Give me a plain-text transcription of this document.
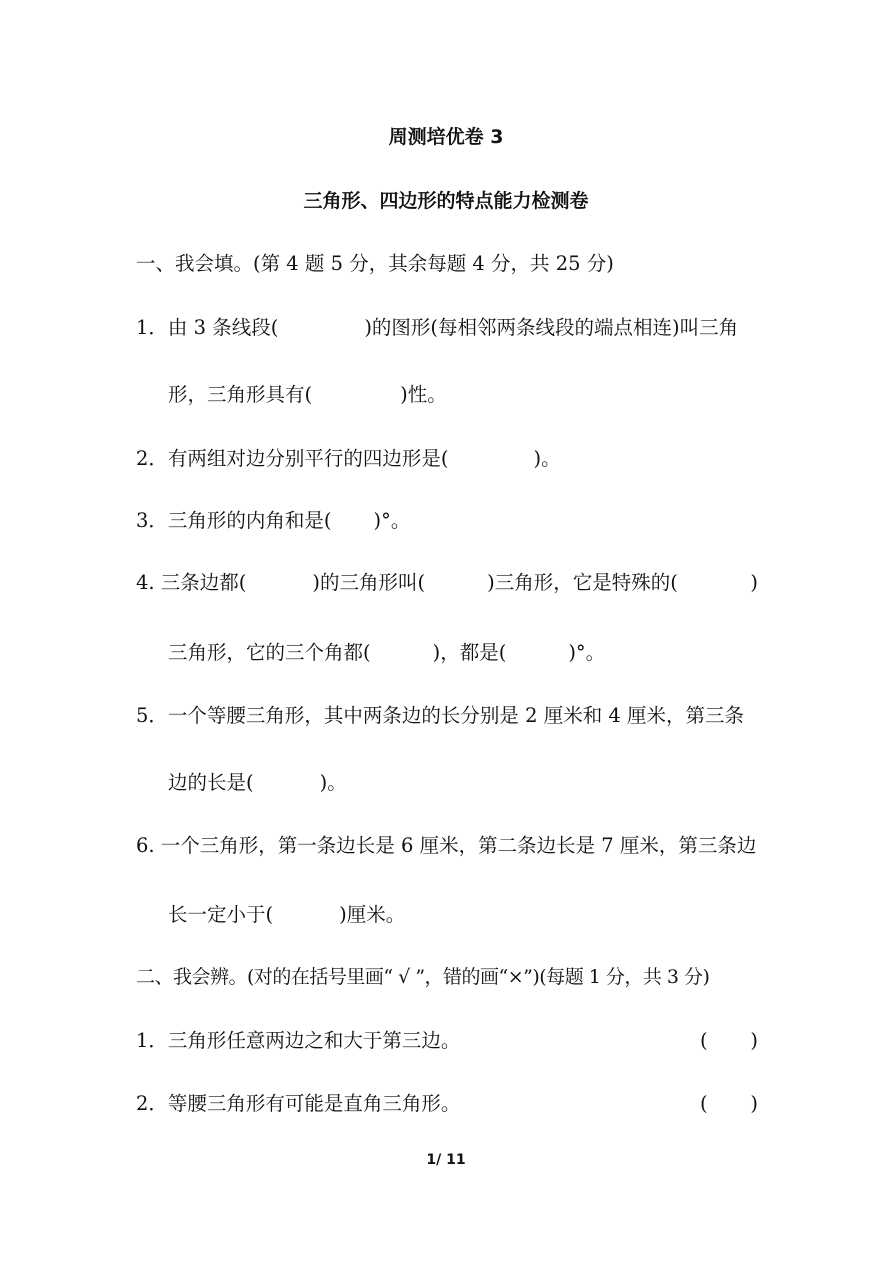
周测培优卷 3
三角形、四边形的特点能力检测卷
一、我会填。(第 4 题 5 分，其余每题 4 分，共 25 分)
1．由 3 条线段(	)的图形(每相邻两条线段的端点相连)叫三角
形，三角形具有(	)性。
2．有两组对边分别平行的四边形是(	)。
3．三角形的内角和是( )°。
4. 三条边都(	)的三角形叫(	)三角形，它是特殊的(	)
三角形，它的三个角都(	)，都是(	)°。
5．一个等腰三角形，其中两条边的长分别是 2 厘米和 4 厘米，第三条
边的长是(	)。
6. 一个三角形，第一条边长是 6 厘米，第二条边长是 7 厘米，第三条边
长一定小于(	)厘米。
二、我会辨。(对的在括号里画“ √ ”，错的画“×”)(每题 1 分，共 3 分)
1．三角形任意两边之和大于第三边。	( )
2．等腰三角形有可能是直角三角形。	( )
1/ 11
